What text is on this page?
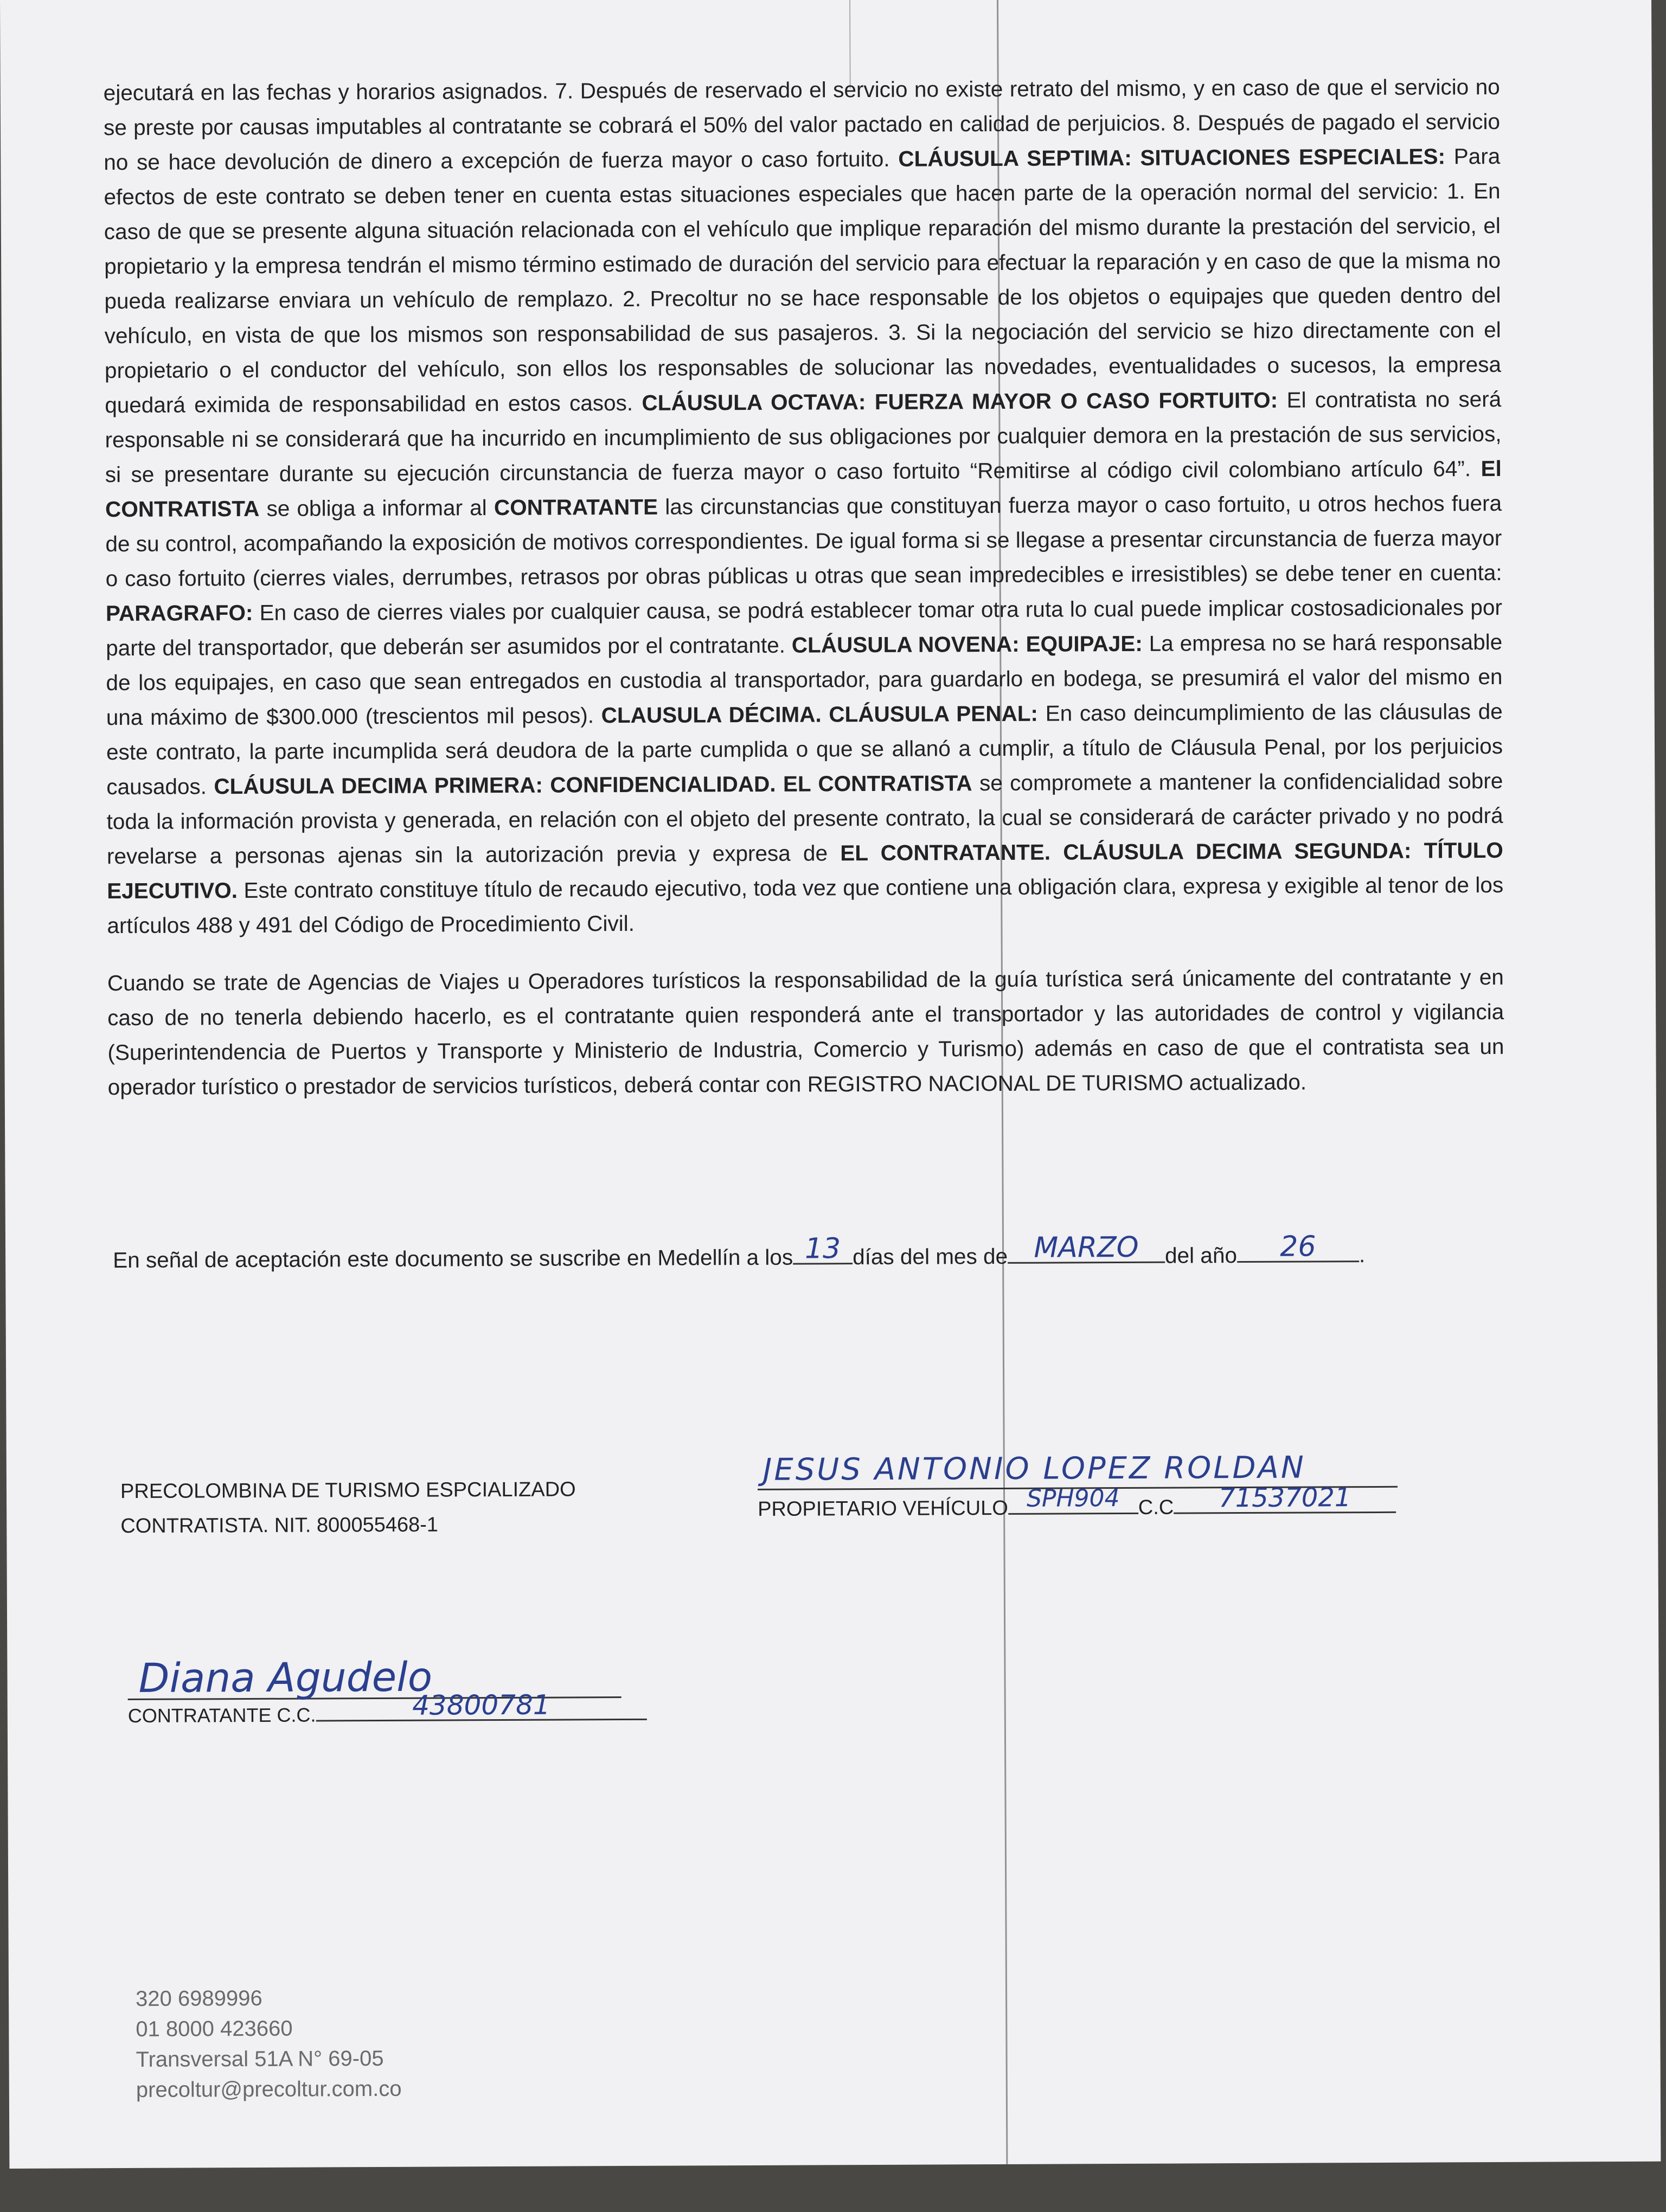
ejecutará en las fechas y horarios asignados. 7. Después de reservado el servicio no existe retrato del mismo, y en caso de que el servicio no se preste por causas imputables al contratante se cobrará el 50% del valor pactado en calidad de perjuicios. 8. Después de pagado el servicio no se hace devolución de dinero a excepción de fuerza mayor o caso fortuito. CLÁUSULA SEPTIMA: SITUACIONES ESPECIALES: Para efectos de este contrato se deben tener en cuenta estas situaciones especiales que hacen parte de la operación normal del servicio: 1. En caso de que se presente alguna situación relacionada con el vehículo que implique reparación del mismo durante la prestación del servicio, el propietario y la empresa tendrán el mismo término estimado de duración del servicio para efectuar la reparación y en caso de que la misma no pueda realizarse enviara un vehículo de remplazo. 2. Precoltur no se hace responsable de los objetos o equipajes que queden dentro del vehículo, en vista de que los mismos son responsabilidad de sus pasajeros. 3. Si la negociación del servicio se hizo directamente con el propietario o el conductor del vehículo, son ellos los responsables de solucionar las novedades, eventualidades o sucesos, la empresa quedará eximida de responsabilidad en estos casos. CLÁUSULA OCTAVA: FUERZA MAYOR O CASO FORTUITO: El contratista no será responsable ni se considerará que ha incurrido en incumplimiento de sus obligaciones por cualquier demora en la prestación de sus servicios, si se presentare durante su ejecución circunstancia de fuerza mayor o caso fortuito “Remitirse al código civil colombiano artículo 64”. El CONTRATISTA se obliga a informar al CONTRATANTE las circunstancias que constituyan fuerza mayor o caso fortuito, u otros hechos fuera de su control, acompañando la exposición de motivos correspondientes. De igual forma si se llegase a presentar circunstancia de fuerza mayor o caso fortuito (cierres viales, derrumbes, retrasos por obras públicas u otras que sean impredecibles e irresistibles) se debe tener en cuenta: PARAGRAFO: En caso de cierres viales por cualquier causa, se podrá establecer tomar otra ruta lo cual puede implicar costosadicionales por parte del transportador, que deberán ser asumidos por el contratante. CLÁUSULA NOVENA: EQUIPAJE: La empresa no se hará responsable de los equipajes, en caso que sean entregados en custodia al transportador, para guardarlo en bodega, se presumirá el valor del mismo en una máximo de $300.000 (trescientos mil pesos). CLAUSULA DÉCIMA. CLÁUSULA PENAL: En caso deincumplimiento de las cláusulas de este contrato, la parte incumplida será deudora de la parte cumplida o que se allanó a cumplir, a título de Cláusula Penal, por los perjuicios causados. CLÁUSULA DECIMA PRIMERA: CONFIDENCIALIDAD. EL CONTRATISTA se compromete a mantener la confidencialidad sobre toda la información provista y generada, en relación con el objeto del presente contrato, la cual se considerará de carácter privado y no podrá revelarse a personas ajenas sin la autorización previa y expresa de EL CONTRATANTE. CLÁUSULA DECIMA SEGUNDA: TÍTULO EJECUTIVO. Este contrato constituye título de recaudo ejecutivo, toda vez que contiene una obligación clara, expresa y exigible al tenor de los artículos 488 y 491 del Código de Procedimiento Civil.

Cuando se trate de Agencias de Viajes u Operadores turísticos la responsabilidad de la guía turística será únicamente del contratante y en caso de no tenerla debiendo hacerlo, es el contratante quien responderá ante el transportador y las autoridades de control y vigilancia (Superintendencia de Puertos y Transporte y Ministerio de Industria, Comercio y Turismo) además en caso de que el contratista sea un operador turístico o prestador de servicios turísticos, deberá contar con REGISTRO NACIONAL DE TURISMO actualizado.

En señal de aceptación este documento se suscribe en Medellín a los 13 días del mes de MARZO	del año	26	.
PRECOLOMBINA DE TURISMO ESPCIALIZADO
CONTRATISTA. NIT. 800055468-1
JESUS ANTONIO LOPEZ ROLDAN
PROPIETARIO VEHÍCULO SPH904 C.C	71537021
Diana Agudelo
CONTRATANTE C.C.	43800781
320 6989996
01 8000 423660
Transversal 51A N° 69-05
precoltur@precoltur.com.co
